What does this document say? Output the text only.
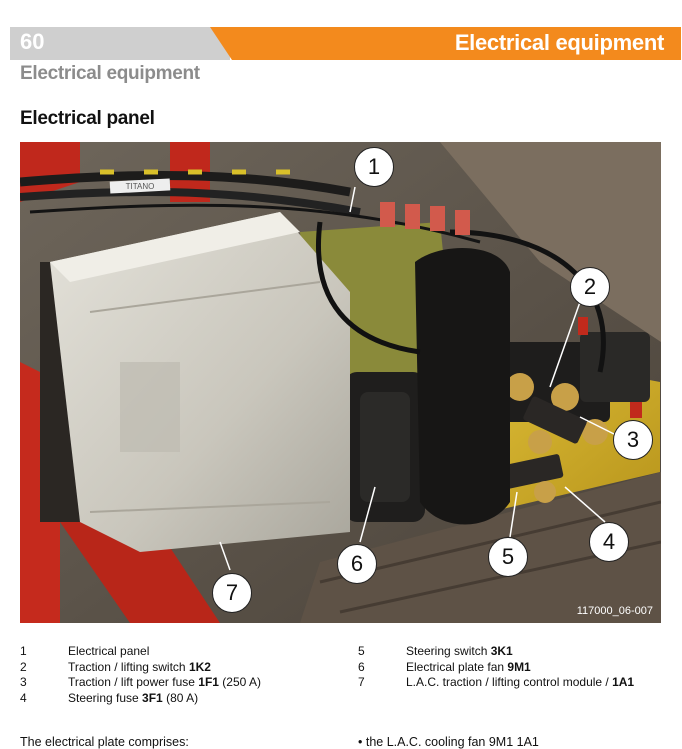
60	Electrical equipment
Electrical equipment
Electrical panel
TITANO
1
2
3
4
5
6
7
117000_06-007
1	Electrical panel
2	Traction / lifting switch 1K2
3	Traction / lift power fuse 1F1 (250 A)
4	Steering fuse 3F1 (80 A)
5	Steering switch 3K1
6	Electrical plate fan 9M1
7	L.A.C. traction / lifting control module / 1A1
The electrical plate comprises:	• the L.A.C. cooling fan 9M1 1A1
